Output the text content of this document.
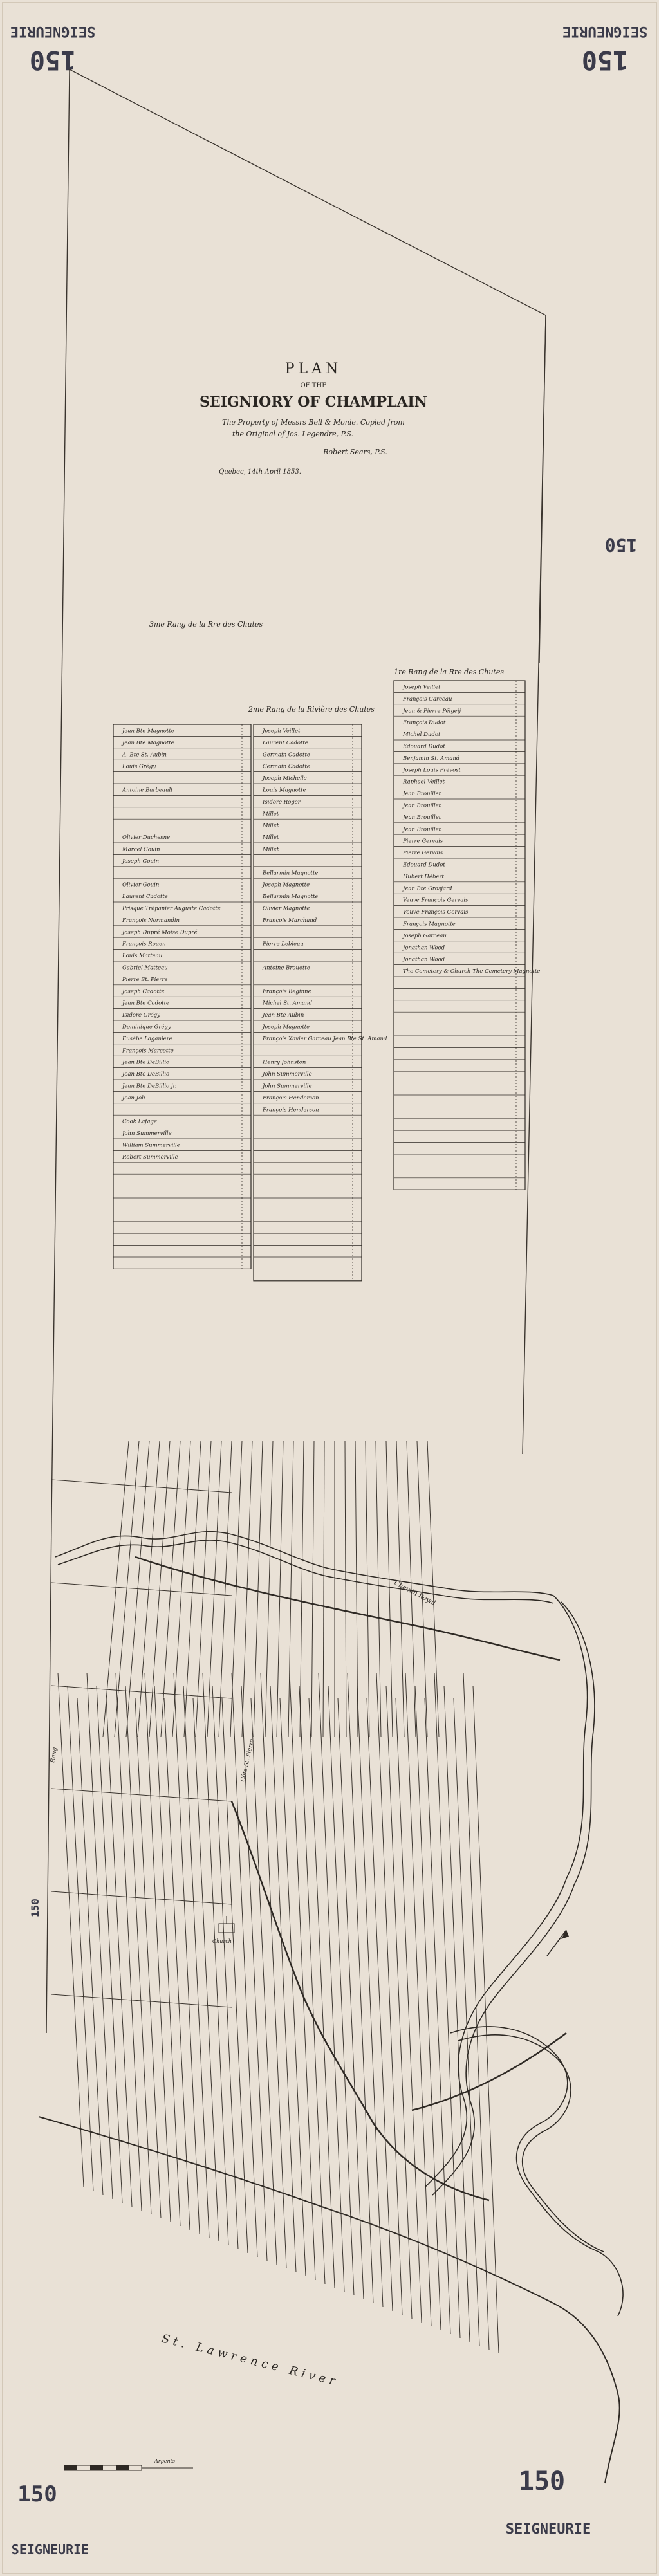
SEIGNEURIE
150
SEIGNEURIE
150
150
150
150
SEIGNEURIE
150
SEIGNEURIE
PLAN
OF THE
SEIGNIORY OF CHAMPLAIN
The Property of Messrs Bell & Monie. Copied from
the Original of Jos. Legendre, P.S.
Robert Sears, P.S.
Quebec, 14th April 1853.
3me Rang de la Rre des Chutes
2me Rang de la Rivière des Chutes
1re Rang de la Rre des Chutes
Jean Bte Magnotte
Jean Bte Magnotte
A. Bte St. Aubin
Louis Grégy
Antoine Barbeault
Olivier Duchesne
Marcel Gouin
Joseph Gouin
Olivier Gouin
Laurent Cadotte
Prisque Trépanier Auguste Cadotte
François Normandin
Joseph Dupré Moise Dupré
François Rouen
Louis Matteau
Gabriel Matteau
Pierre St. Pierre
Joseph Cadotte
Jean Bte Cadotte
Isidore Grégy
Dominique Grégy
Eusèbe Laganière
François Marcotte
Jean Bte DeBillio
Jean Bte DeBillio
Jean Bte DeBillio jr.
Jean Joli
Cook Lafage
John Summerville
William Summerville
Robert Summerville
Joseph Veillet
Laurent Cadotte
Germain Cadotte
Germain Cadotte
Joseph Michelle
Louis Magnotte
Isidore Roger
Millet
Millet
Millet
Millet
Bellarmin Magnotte
Joseph Magnotte
Bellarmin Magnotte
Olivier Magnotte
François Marchand
Pierre Lebleau
Antoine Brouette
François Beginne
Michel St. Amand
Jean Bte Aubin
Joseph Magnotte
François Xavier Garceau Jean Bte St. Amand
Henry Johnston
John Summerville
John Summerville
François Henderson
François Henderson
Joseph Veillet
François Garceau
Jean & Pierre Pélgeij
François Dudot
Michel Dudot
Edouard Dudot
Benjamin St. Amand
Joseph Louis Prévost
Raphael Veillet
Jean Brouillet
Jean Brouillet
Jean Brouillet
Jean Brouillet
Pierre Gervais
Pierre Gervais
Edouard Dudot
Hubert Hébert
Jean Bte Grosjard
Veuve François Gervais
Veuve François Gervais
François Magnotte
Joseph Garceau
Jonathan Wood
Jonathan Wood
The Cemetery & Church The Cemetery Magnotte
St. Lawrence River
Chemin Royal
Côte St. Pierre
Rang
Church
Arpents
